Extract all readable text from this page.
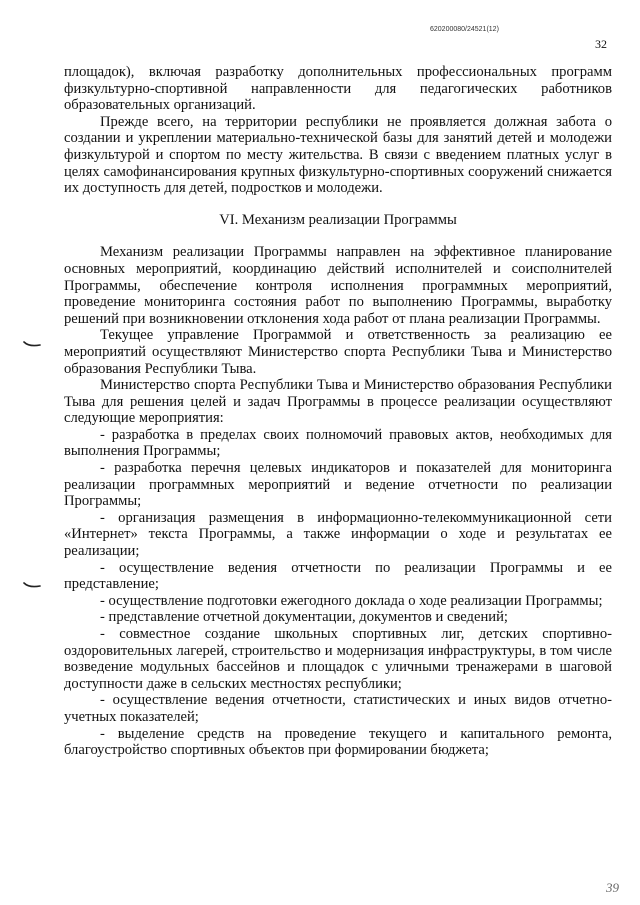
620200080/24521(12)
32

площадок), включая разработку дополнительных профессиональных программ физкультурно-спортивной направленности для педагогических работников образовательных организаций.

Прежде всего, на территории республики не проявляется должная забота о создании и укреплении материально-технической базы для занятий детей и молодежи физкультурой и спортом по месту жительства. В связи с введением платных услуг в целях самофинансирования крупных физкультурно-спортивных сооружений снижается их доступность для детей, подростков и молодежи.

VI. Механизм реализации Программы

Механизм реализации Программы направлен на эффективное планирование основных мероприятий, координацию действий исполнителей и соисполнителей Программы, обеспечение контроля исполнения программных мероприятий, проведение мониторинга состояния работ по выполнению Программы, выработку решений при возникновении отклонения хода работ от плана реализации Программы.

Текущее управление Программой и ответственность за реализацию ее мероприятий осуществляют Министерство спорта Республики Тыва и Министерство образования Республики Тыва.

Министерство спорта Республики Тыва и Министерство образования Республики Тыва для решения целей и задач Программы в процессе реализации осуществляют следующие мероприятия:

- разработка в пределах своих полномочий правовых актов, необходимых для выполнения Программы;

- разработка перечня целевых индикаторов и показателей для мониторинга реализации программных мероприятий и ведение отчетности по реализации Программы;

- организация размещения в информационно-телекоммуникационной сети «Интернет» текста Программы, а также информации о ходе и результатах ее реализации;

- осуществление ведения отчетности по реализации Программы и ее представление;

- осуществление подготовки ежегодного доклада о ходе реализации Программы;

- представление отчетной документации, документов и сведений;

- совместное создание школьных спортивных лиг, детских спортивно-оздоровительных лагерей, строительство и модернизация инфраструктуры, в том числе возведение модульных бассейнов и площадок с уличными тренажерами в шаговой доступности даже в сельских местностях республики;

- осуществление ведения отчетности, статистических и иных видов отчетно-учетных показателей;

- выделение средств на проведение текущего и капитального ремонта, благоустройство спортивных объектов при формировании бюджета;

39
